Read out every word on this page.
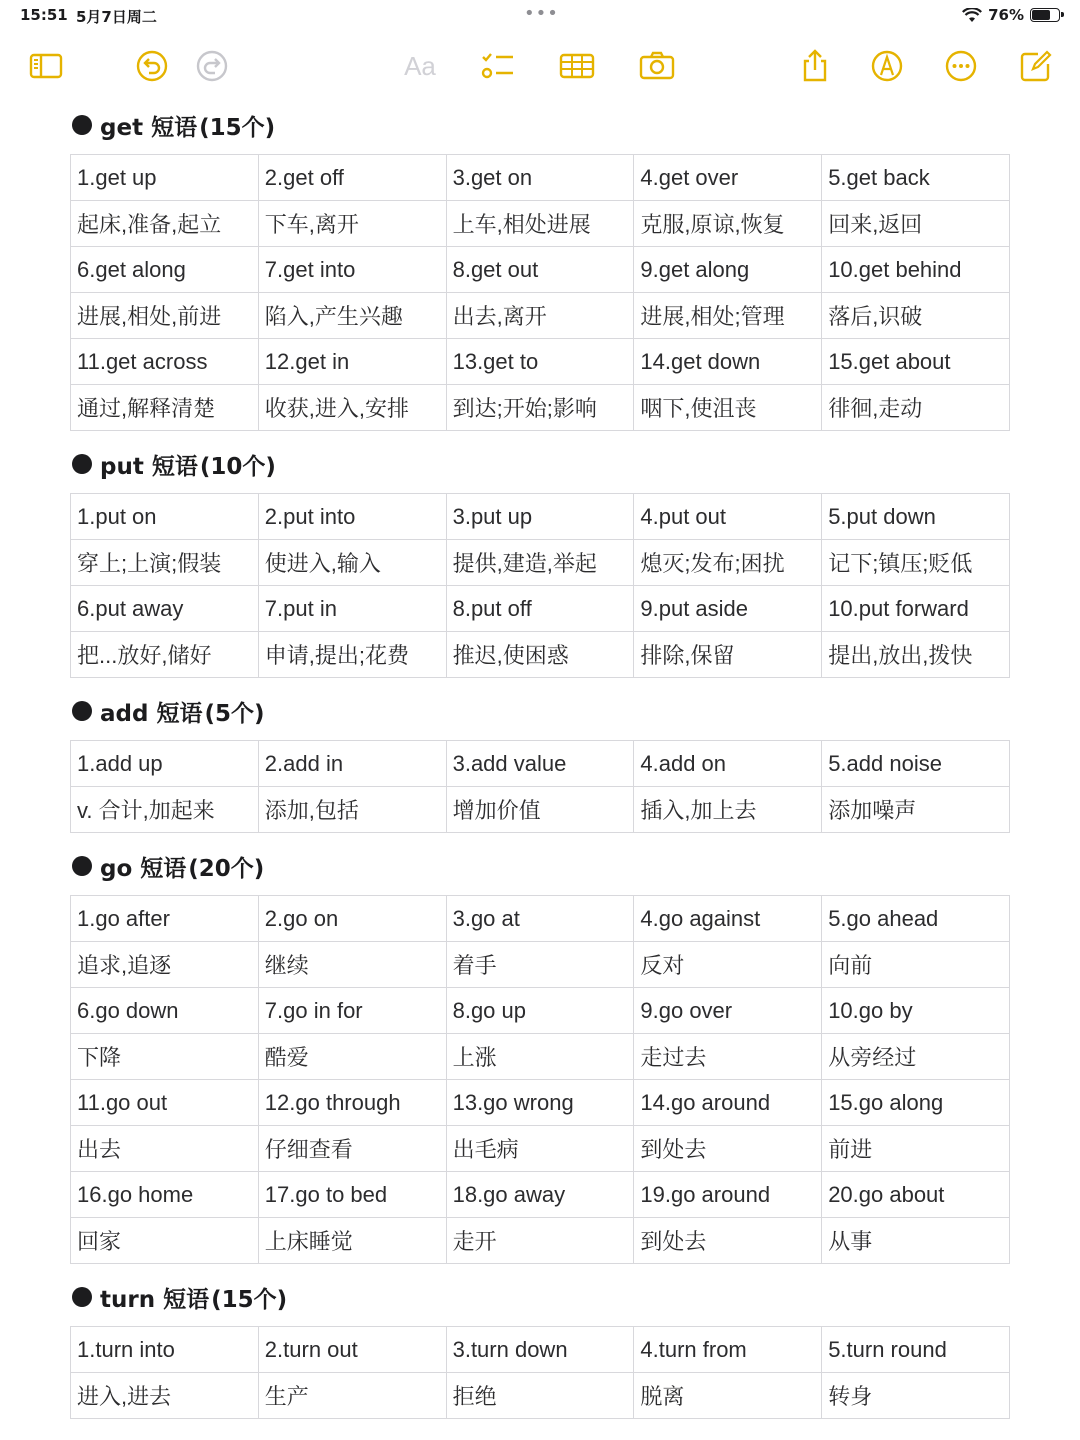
15:51 5月7日周二	•••	76%
Aa
get 短语 (15个)
1.get up	2.get off	3.get on	4.get over	5.get back
起床,准备,起立	下车,离开	上车,相处进展	克服,原谅,恢复	回来,返回
6.get along	7.get into	8.get out	9.get along	10.get behind
进展,相处,前进	陷入,产生兴趣	出去,离开	进展,相处;管理	落后,识破
11.get across	12.get in	13.get to	14.get down	15.get about
通过,解释清楚	收获,进入,安排	到达;开始;影响	咽下,使沮丧	徘徊,走动
put 短语 (10个)
1.put on	2.put into	3.put up	4.put out	5.put down
穿上;上演;假装	使进入,输入	提供,建造,举起	熄灭;发布;困扰	记下;镇压;贬低
6.put away	7.put in	8.put off	9.put aside	10.put forward
把...放好,储好	申请,提出;花费	推迟,使困惑	排除,保留	提出,放出,拨快
add 短语 (5个)
1.add up	2.add in	3.add value	4.add on	5.add noise
v. 合计,加起来	添加,包括	增加价值	插入,加上去	添加噪声
go 短语 (20个)
1.go after	2.go on	3.go at	4.go against	5.go ahead
追求,追逐	继续	着手	反对	向前
6.go down	7.go in for	8.go up	9.go over	10.go by
下降	酷爱	上涨	走过去	从旁经过
11.go out	12.go through	13.go wrong	14.go around	15.go along
出去	仔细查看	出毛病	到处去	前进
16.go home	17.go to bed	18.go away	19.go around	20.go about
回家	上床睡觉	走开	到处去	从事
turn 短语 (15个)
1.turn into	2.turn out	3.turn down	4.turn from	5.turn round
进入,进去	生产	拒绝	脱离	转身
